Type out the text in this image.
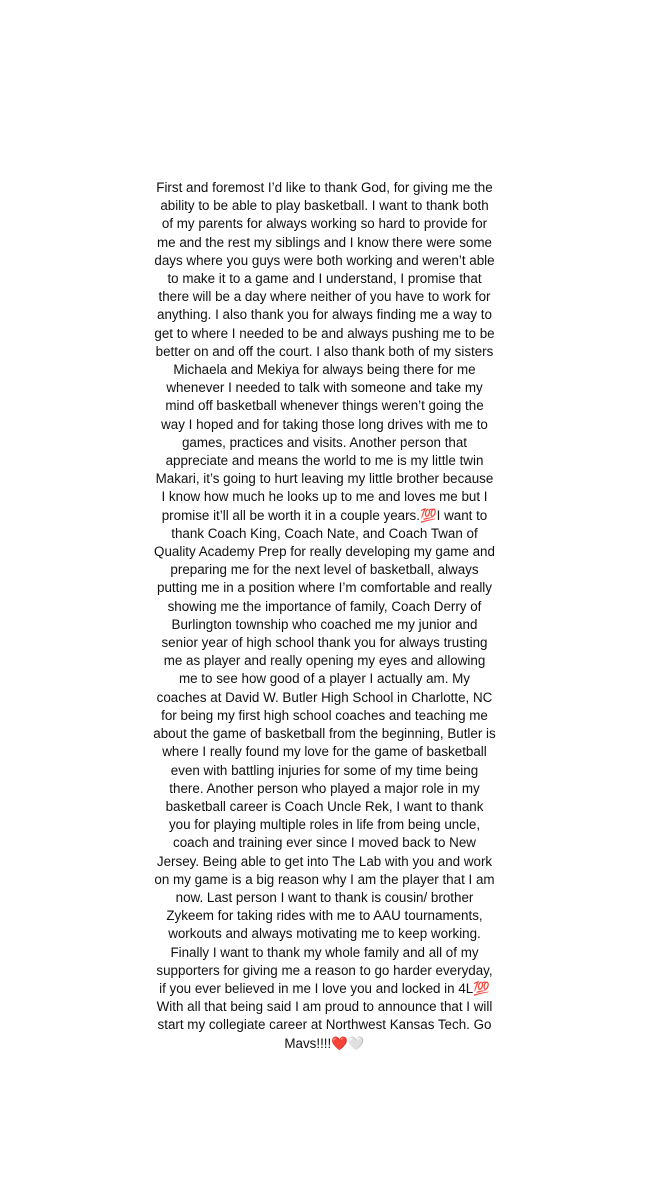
First and foremost I’d like to thank God, for giving me the
ability to be able to play basketball. I want to thank both
of my parents for always working so hard to provide for
me and the rest my siblings and I know there were some
days where you guys were both working and weren’t able
to make it to a game and I understand, I promise that
there will be a day where neither of you have to work for
anything. I also thank you for always finding me a way to
get to where I needed to be and always pushing me to be
better on and off the court. I also thank both of my sisters
Michaela and Mekiya for always being there for me
whenever I needed to talk with someone and take my
mind off basketball whenever things weren’t going the
way I hoped and for taking those long drives with me to
games, practices and visits. Another person that
appreciate and means the world to me is my little twin
Makari, it’s going to hurt leaving my little brother because
I know how much he looks up to me and loves me but I
promise it’ll all be worth it in a couple years.💯I want to
thank Coach King, Coach Nate, and Coach Twan of
Quality Academy Prep for really developing my game and
preparing me for the next level of basketball, always
putting me in a position where I’m comfortable and really
showing me the importance of family, Coach Derry of
Burlington township who coached me my junior and
senior year of high school thank you for always trusting
me as player and really opening my eyes and allowing
me to see how good of a player I actually am. My
coaches at David W. Butler High School in Charlotte, NC
for being my first high school coaches and teaching me
about the game of basketball from the beginning, Butler is
where I really found my love for the game of basketball
even with battling injuries for some of my time being
there. Another person who played a major role in my
basketball career is Coach Uncle Rek, I want to thank
you for playing multiple roles in life from being uncle,
coach and training ever since I moved back to New
Jersey. Being able to get into The Lab with you and work
on my game is a big reason why I am the player that I am
now. Last person I want to thank is cousin/ brother
Zykeem for taking rides with me to AAU tournaments,
workouts and always motivating me to keep working.
Finally I want to thank my whole family and all of my
supporters for giving me a reason to go harder everyday,
if you ever believed in me I love you and locked in 4L💯
With all that being said I am proud to announce that I will
start my collegiate career at Northwest Kansas Tech. Go
Mavs!!!!❤️🤍
